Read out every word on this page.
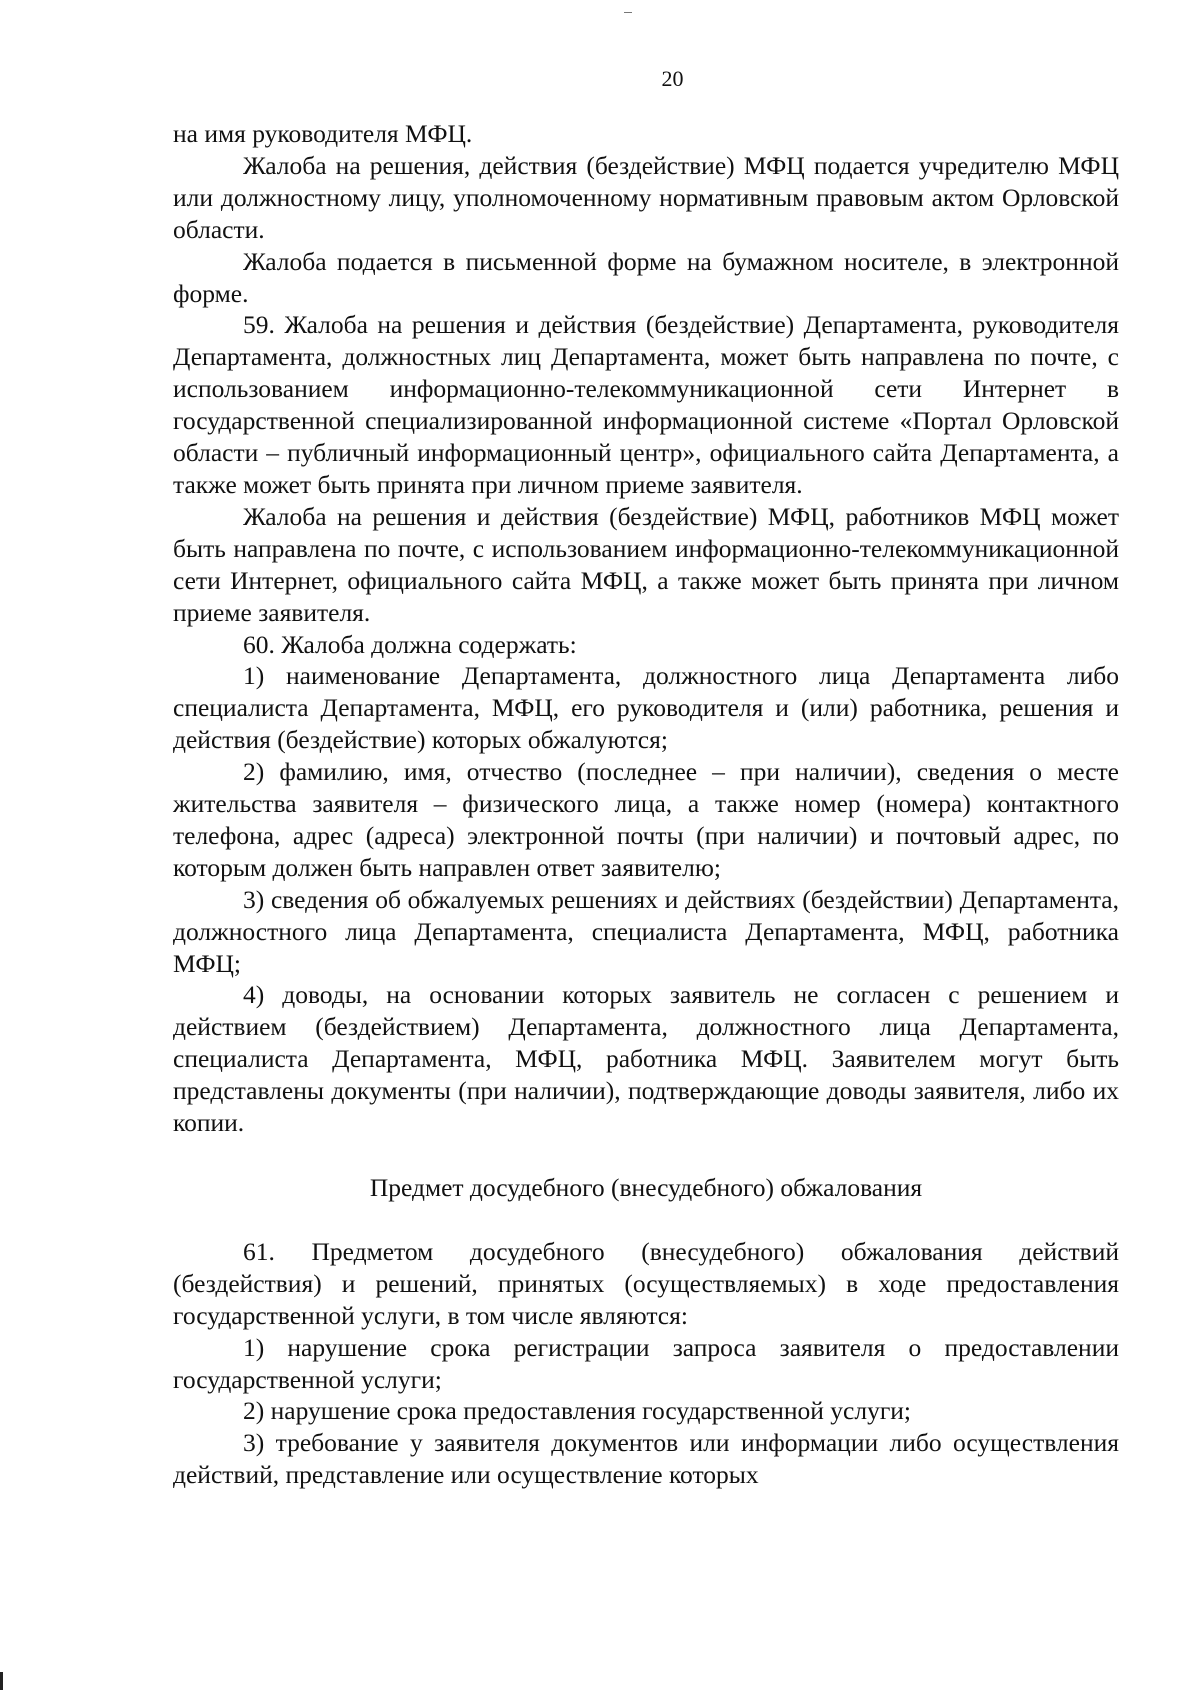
20

на имя руководителя МФЦ.

Жалоба на решения, действия (бездействие) МФЦ подается учредителю МФЦ или должностному лицу, уполномоченному нормативным правовым актом Орловской области.

Жалоба подается в письменной форме на бумажном носителе, в электронной форме.

59. Жалоба на решения и действия (бездействие) Департамента, руководителя Департамента, должностных лиц Департамента, может быть направлена по почте, с использованием информационно-телекоммуникационной сети Интернет в государственной специализированной информационной системе «Портал Орловской области – публичный информационный центр», официального сайта Департамента, а также может быть принята при личном приеме заявителя.

Жалоба на решения и действия (бездействие) МФЦ, работников МФЦ может быть направлена по почте, с использованием информационно-телекоммуникационной сети Интернет, официального сайта МФЦ, а также может быть принята при личном приеме заявителя.

60. Жалоба должна содержать:

1) наименование Департамента, должностного лица Департамента либо специалиста Департамента, МФЦ, его руководителя и (или) работника, решения и действия (бездействие) которых обжалуются;

2) фамилию, имя, отчество (последнее – при наличии), сведения о месте жительства заявителя – физического лица, а также номер (номера) контактного телефона, адрес (адреса) электронной почты (при наличии) и почтовый адрес, по которым должен быть направлен ответ заявителю;

3) сведения об обжалуемых решениях и действиях (бездействии) Департамента, должностного лица Департамента, специалиста Департамента, МФЦ, работника МФЦ;

4) доводы, на основании которых заявитель не согласен с решением и действием (бездействием) Департамента, должностного лица Департамента, специалиста Департамента, МФЦ, работника МФЦ. Заявителем могут быть представлены документы (при наличии), подтверждающие доводы заявителя, либо их копии.

Предмет досудебного (внесудебного) обжалования

61. Предметом досудебного (внесудебного) обжалования действий (бездействия) и решений, принятых (осуществляемых) в ходе предоставления государственной услуги, в том числе являются:

1) нарушение срока регистрации запроса заявителя о предоставлении государственной услуги;

2) нарушение срока предоставления государственной услуги;

3) требование у заявителя документов или информации либо осуществления действий, представление или осуществление которых
